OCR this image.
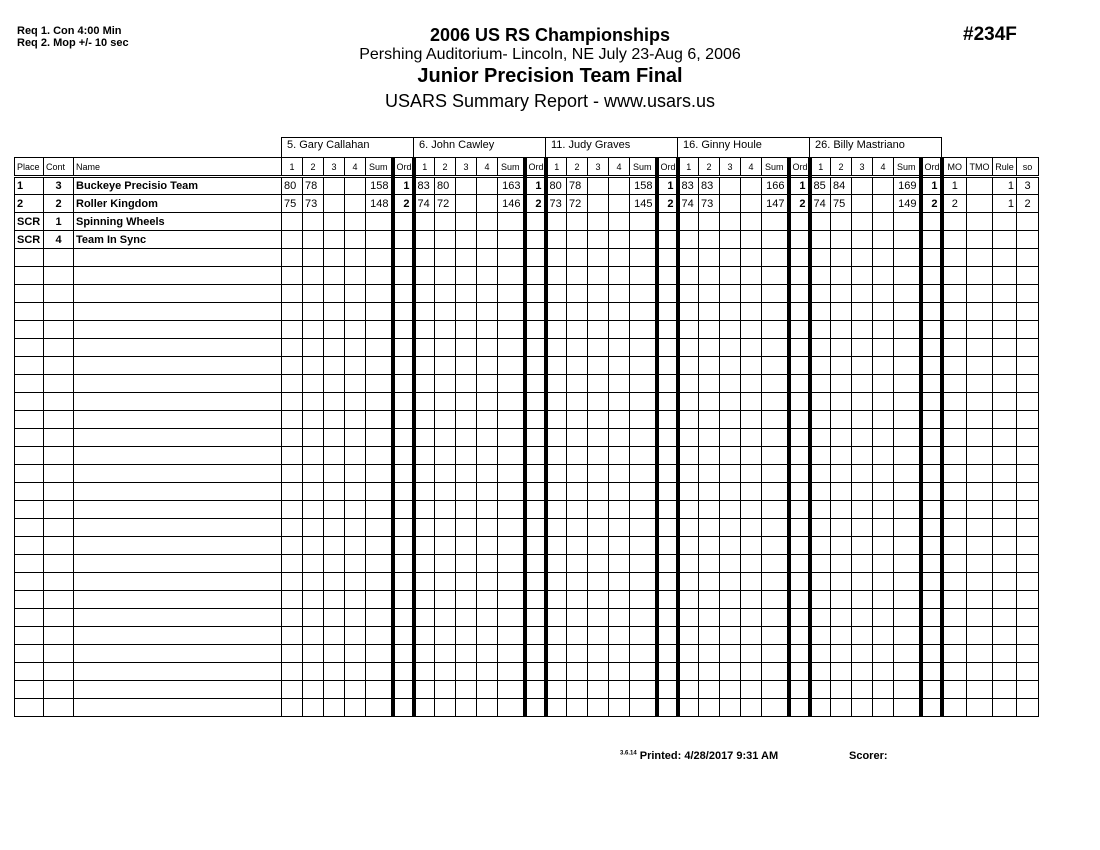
Req 1. Con 4:00 Min
Req 2. Mop +/- 10 sec	2006 US RS Championships
Pershing Auditorium- Lincoln, NE July 23-Aug 6, 2006
Junior Precision Team Final
USARS Summary Report - www.usars.us
#234F
5. Gary Callahan	6. John Cawley	11. Judy Graves	16. Ginny Houle	26. Billy Mastriano
Place	Cont	Name	1	2	3	4	Sum	Ord	1	2	3	4	Sum	Ord	1	2	3	4	Sum	Ord	1	2	3	4	Sum	Ord	1	2	3	4	Sum	Ord	MO	TMO	Rule	so
1	3	Buckeye Precisio Team	80	78			158	1	83	80			163	1	80	78			158	1	83	83			166	1	85	84			169	1	1		1	3
2	2	Roller Kingdom	75	73			148	2	74	72			146	2	73	72			145	2	74	73			147	2	74	75			149	2	2		1	2
SCR	1	Spinning Wheels																																		
SCR	4	Team In Sync																																		

$^{3.6.14}$ Printed: 4/28/2017 9:31 AM	Scorer:
